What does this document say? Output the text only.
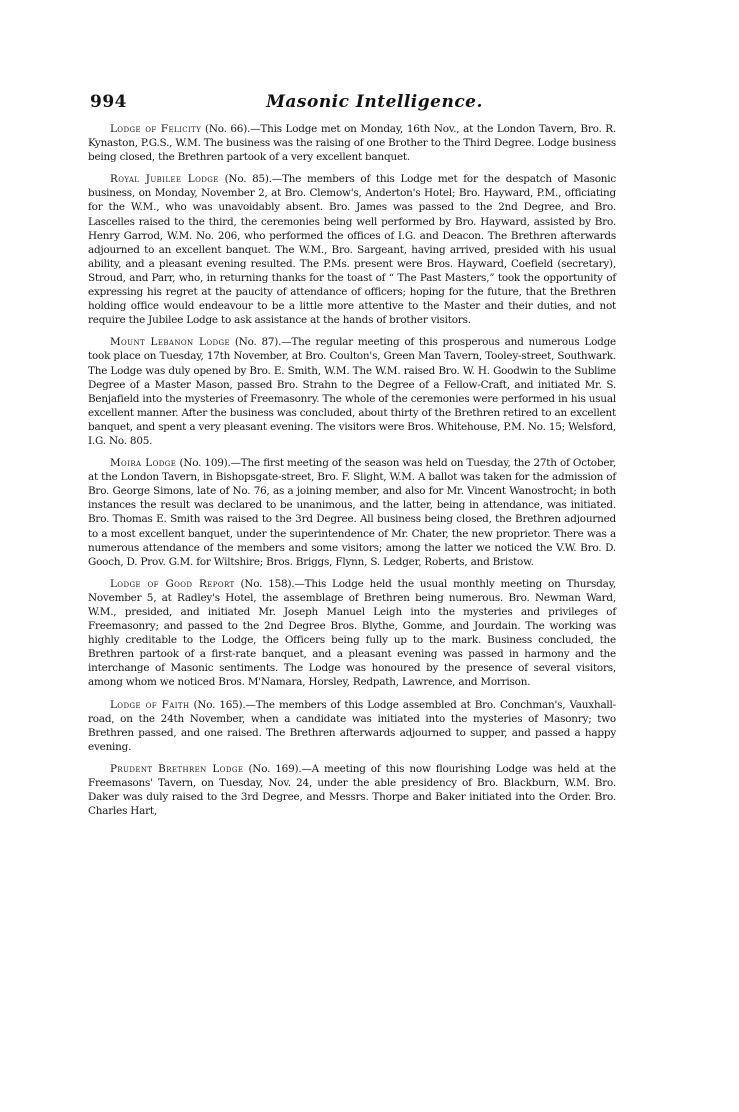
994	Masonic Intelligence.

Lodge of Felicity (No. 66).—This Lodge met on Monday, 16th Nov., at the London Tavern, Bro. R. Kynaston, P.G.S., W.M. The business was the raising of one Brother to the Third Degree. Lodge business being closed, the Brethren partook of a very excellent banquet.

Royal Jubilee Lodge (No. 85).—The members of this Lodge met for the despatch of Masonic business, on Monday, November 2, at Bro. Clemow's, Anderton's Hotel; Bro. Hayward, P.M., officiating for the W.M., who was unavoidably absent. Bro. James was passed to the 2nd Degree, and Bro. Lascelles raised to the third, the ceremonies being well performed by Bro. Hayward, assisted by Bro. Henry Garrod, W.M. No. 206, who performed the offices of I.G. and Deacon. The Brethren afterwards adjourned to an excellent banquet. The W.M., Bro. Sargeant, having arrived, presided with his usual ability, and a pleasant evening resulted. The P.Ms. present were Bros. Hayward, Coefield (secretary), Stroud, and Parr, who, in returning thanks for the toast of “ The Past Masters,” took the opportunity of expressing his regret at the paucity of attendance of officers; hoping for the future, that the Brethren holding office would endeavour to be a little more attentive to the Master and their duties, and not require the Jubilee Lodge to ask assistance at the hands of brother visitors.

Mount Lebanon Lodge (No. 87).—The regular meeting of this prosperous and numerous Lodge took place on Tuesday, 17th November, at Bro. Coulton's, Green Man Tavern, Tooley-street, Southwark. The Lodge was duly opened by Bro. E. Smith, W.M. The W.M. raised Bro. W. H. Goodwin to the Sublime Degree of a Master Mason, passed Bro. Strahn to the Degree of a Fellow-Craft, and initiated Mr. S. Benjafield into the mysteries of Freemasonry. The whole of the ceremonies were performed in his usual excellent manner. After the business was concluded, about thirty of the Brethren retired to an excellent banquet, and spent a very pleasant evening. The visitors were Bros. Whitehouse, P.M. No. 15; Welsford, I.G. No. 805.

Moira Lodge (No. 109).—The first meeting of the season was held on Tuesday, the 27th of October, at the London Tavern, in Bishopsgate-street, Bro. F. Slight, W.M. A ballot was taken for the admission of Bro. George Simons, late of No. 76, as a joining member, and also for Mr. Vincent Wanostrocht; in both instances the result was declared to be unanimous, and the latter, being in attendance, was initiated. Bro. Thomas E. Smith was raised to the 3rd Degree. All business being closed, the Brethren adjourned to a most excellent banquet, under the superintendence of Mr. Chater, the new proprietor. There was a numerous attendance of the members and some visitors; among the latter we noticed the V.W. Bro. D. Gooch, D. Prov. G.M. for Wiltshire; Bros. Briggs, Flynn, S. Ledger, Roberts, and Bristow.

Lodge of Good Report (No. 158).—This Lodge held the usual monthly meeting on Thursday, November 5, at Radley's Hotel, the assemblage of Brethren being numerous. Bro. Newman Ward, W.M., presided, and initiated Mr. Joseph Manuel Leigh into the mysteries and privileges of Freemasonry; and passed to the 2nd Degree Bros. Blythe, Gomme, and Jourdain. The working was highly creditable to the Lodge, the Officers being fully up to the mark. Business concluded, the Brethren partook of a first-rate banquet, and a pleasant evening was passed in harmony and the interchange of Masonic sentiments. The Lodge was honoured by the presence of several visitors, among whom we noticed Bros. M'Namara, Horsley, Redpath, Lawrence, and Morrison.

Lodge of Faith (No. 165).—The members of this Lodge assembled at Bro. Conchman's, Vauxhall-road, on the 24th November, when a candidate was initiated into the mysteries of Masonry; two Brethren passed, and one raised. The Brethren afterwards adjourned to supper, and passed a happy evening.

Prudent Brethren Lodge (No. 169).—A meeting of this now flourishing Lodge was held at the Freemasons' Tavern, on Tuesday, Nov. 24, under the able presidency of Bro. Blackburn, W.M. Bro. Daker was duly raised to the 3rd Degree, and Messrs. Thorpe and Baker initiated into the Order. Bro. Charles Hart,
